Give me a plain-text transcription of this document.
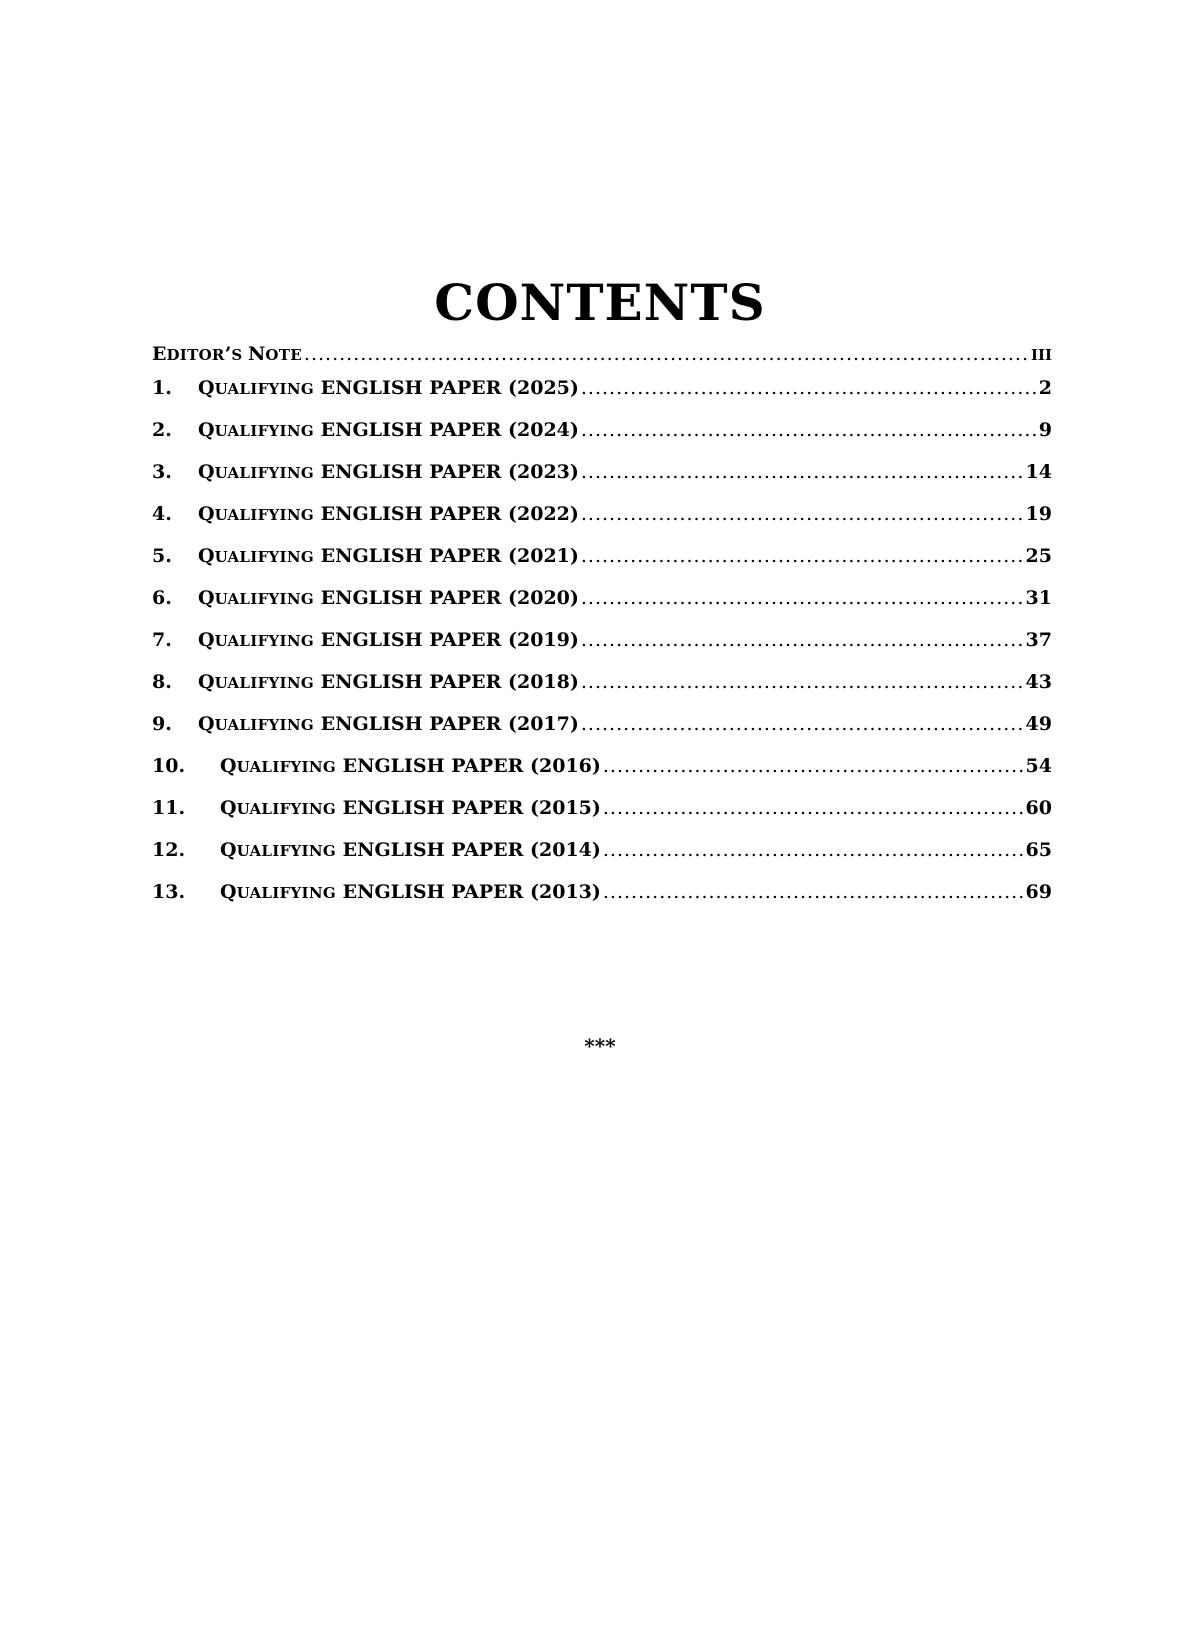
CONTENTS
EDITOR’S NOTE .....	III
1.	QUALIFYING ENGLISH PAPER (2025) .....	2
2.	QUALIFYING ENGLISH PAPER (2024) .....	9
3.	QUALIFYING ENGLISH PAPER (2023) .....	14
4.	QUALIFYING ENGLISH PAPER (2022) .....	19
5.	QUALIFYING ENGLISH PAPER (2021) .....	25
6.	QUALIFYING ENGLISH PAPER (2020) .....	31
7.	QUALIFYING ENGLISH PAPER (2019) .....	37
8.	QUALIFYING ENGLISH PAPER (2018) .....	43
9.	QUALIFYING ENGLISH PAPER (2017) .....	49
10.	QUALIFYING ENGLISH PAPER (2016) .....	54
11.	QUALIFYING ENGLISH PAPER (2015) .....	60
12.	QUALIFYING ENGLISH PAPER (2014) .....	65
13.	QUALIFYING ENGLISH PAPER (2013) .....	69
***
